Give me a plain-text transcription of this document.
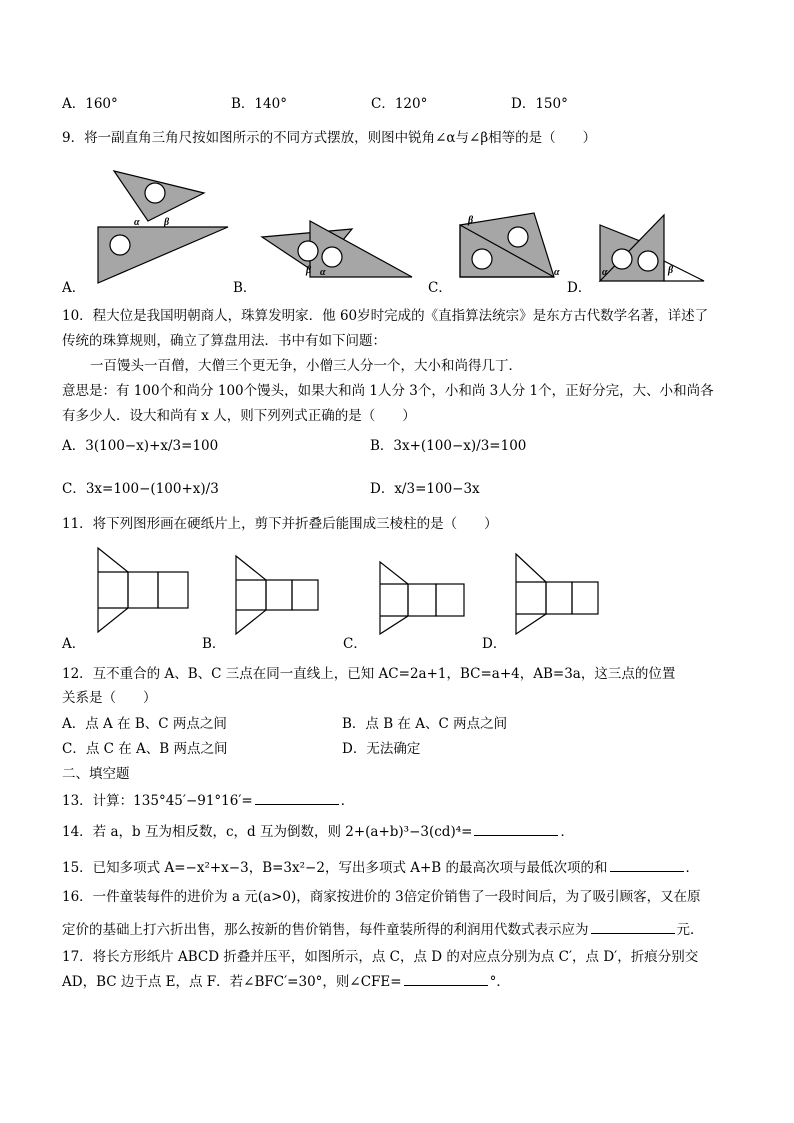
A．160°	B．140°	C．120°	D．150°
9．将一副直角三角尺按如图所示的不同方式摆放，则图中锐角∠α与∠β相等的是（　　）
α β
β α
β
α	α	β
A．	B．	C．	D．
10．程大位是我国明朝商人，珠算发明家．他 60岁时完成的《直指算法统宗》是东方古代数学名著，详述了
传统的珠算规则，确立了算盘用法．书中有如下问题：
一百馒头一百僧，大僧三个更无争，小僧三人分一个，大小和尚得几丁．
意思是：有 100个和尚分 100个馒头，如果大和尚 1人分 3个，小和尚 3人分 1个，正好分完，大、小和尚各
有多少人．设大和尚有 x 人，则下列列式正确的是（　　）
A．3(100−x)+x/3=100	B．3x+(100−x)/3=100
C．3x=100−(100+x)/3	D．x/3=100−3x
11．将下列图形画在硬纸片上，剪下并折叠后能围成三棱柱的是（　　）
A．	B．	C．	D．
12．互不重合的 A、B、C 三点在同一直线上，已知 AC=2a+1，BC=a+4，AB=3a，这三点的位置
关系是（　　）
A．点 A 在 B、C 两点之间	B．点 B 在 A、C 两点之间
C．点 C 在 A、B 两点之间	D．无法确定
二、填空题
13．计算：135°45′−91°16′=	．
14．若 a，b 互为相反数，c，d 互为倒数，则 2+(a+b)³−3(cd)⁴=	．
15．已知多项式 A=−x²+x−3，B=3x²−2，写出多项式 A+B 的最高次项与最低次项的和	．
16．一件童装每件的进价为 a 元(a>0)，商家按进价的 3倍定价销售了一段时间后，为了吸引顾客，又在原
定价的基础上打六折出售，那么按新的售价销售，每件童装所得的利润用代数式表示应为	元．
17．将长方形纸片 ABCD 折叠并压平，如图所示，点 C，点 D 的对应点分别为点 C′，点 D′，折痕分别交
AD，BC 边于点 E，点 F．若∠BFC′=30°，则∠CFE=	°．
